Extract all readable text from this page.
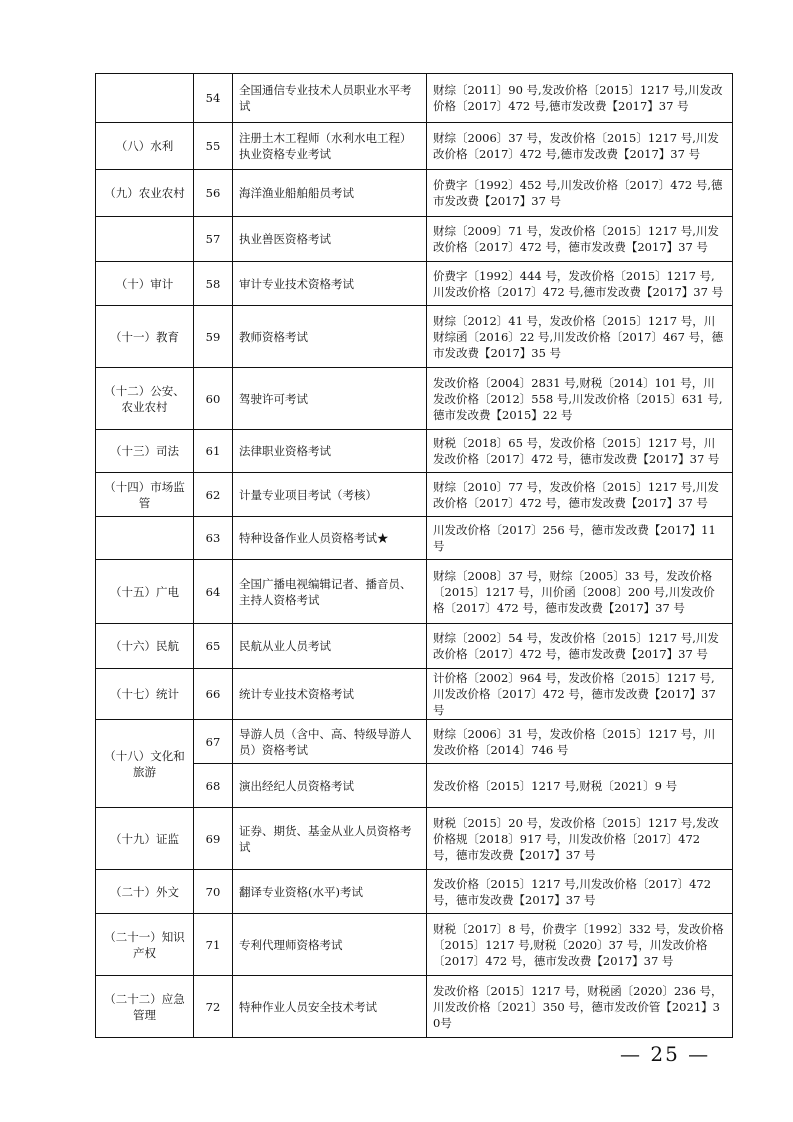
	54	全国通信专业技术人员职业水平考试	财综〔2011〕90 号,发改价格〔2015〕1217 号,川发改价格〔2017〕472 号,德市发改费【2017】37 号
（八）水利	55	注册土木工程师（水利水电工程）执业资格专业考试	财综〔2006〕37 号，发改价格〔2015〕1217 号,川发改价格〔2017〕472 号,德市发改费【2017】37 号
（九）农业农村	56	海洋渔业船舶船员考试	价费字〔1992〕452 号,川发改价格〔2017〕472 号,德市发改费【2017】37 号
	57	执业兽医资格考试	财综〔2009〕71 号，发改价格〔2015〕1217 号,川发改价格〔2017〕472 号，德市发改费【2017】37 号
（十）审计	58	审计专业技术资格考试	价费字〔1992〕444 号，发改价格〔2015〕1217 号,川发改价格〔2017〕472 号,德市发改费【2017】37 号
（十一）教育	59	教师资格考试	财综〔2012〕41 号，发改价格〔2015〕1217 号，川财综函〔2016〕22 号,川发改价格〔2017〕467 号，德市发改费【2017】35 号
（十二）公安、农业农村	60	驾驶许可考试	发改价格〔2004〕2831 号,财税〔2014〕101 号，川发改价格〔2012〕558 号,川发改价格〔2015〕631 号,德市发改费【2015】22 号
（十三）司法	61	法律职业资格考试	财税〔2018〕65 号，发改价格〔2015〕1217 号，川发改价格〔2017〕472 号，德市发改费【2017】37 号
（十四）市场监管	62	计量专业项目考试（考核）	财综〔2010〕77 号，发改价格〔2015〕1217 号,川发改价格〔2017〕472 号，德市发改费【2017】37 号
	63	特种设备作业人员资格考试★	川发改价格〔2017〕256 号，德市发改费【2017】11号
（十五）广电	64	全国广播电视编辑记者、播音员、主持人资格考试	财综〔2008〕37 号，财综〔2005〕33 号，发改价格〔2015〕1217 号，川价函〔2008〕200 号,川发改价格〔2017〕472 号，德市发改费【2017】37 号
（十六）民航	65	民航从业人员考试	财综〔2002〕54 号，发改价格〔2015〕1217 号,川发改价格〔2017〕472 号，德市发改费【2017】37 号
（十七）统计	66	统计专业技术资格考试	计价格〔2002〕964 号，发改价格〔2015〕1217 号,川发改价格〔2017〕472 号，德市发改费【2017】37 号
（十八）文化和旅游	67	导游人员（含中、高、特级导游人员）资格考试	财综〔2006〕31 号，发改价格〔2015〕1217 号，川发改价格〔2014〕746 号
	68	演出经纪人员资格考试	发改价格〔2015〕1217 号,财税〔2021〕9 号
（十九）证监	69	证券、期货、基金从业人员资格考试	财税〔2015〕20 号，发改价格〔2015〕1217 号,发改价格规〔2018〕917 号，川发改价格〔2017〕472 号，德市发改费【2017】37 号
（二十）外文	70	翻译专业资格(水平)考试	发改价格〔2015〕1217 号,川发改价格〔2017〕472 号，德市发改费【2017】37 号
（二十一）知识产权	71	专利代理师资格考试	财税〔2017〕8 号，价费字〔1992〕332 号，发改价格〔2015〕1217 号,财税〔2020〕37 号，川发改价格〔2017〕472 号，德市发改费【2017】37 号
（二十二）应急管理	72	特种作业人员安全技术考试	发改价格〔2015〕1217 号，财税函〔2020〕236 号，川发改价格〔2021〕350 号，德市发改价管【2021】30号
— 25 —
